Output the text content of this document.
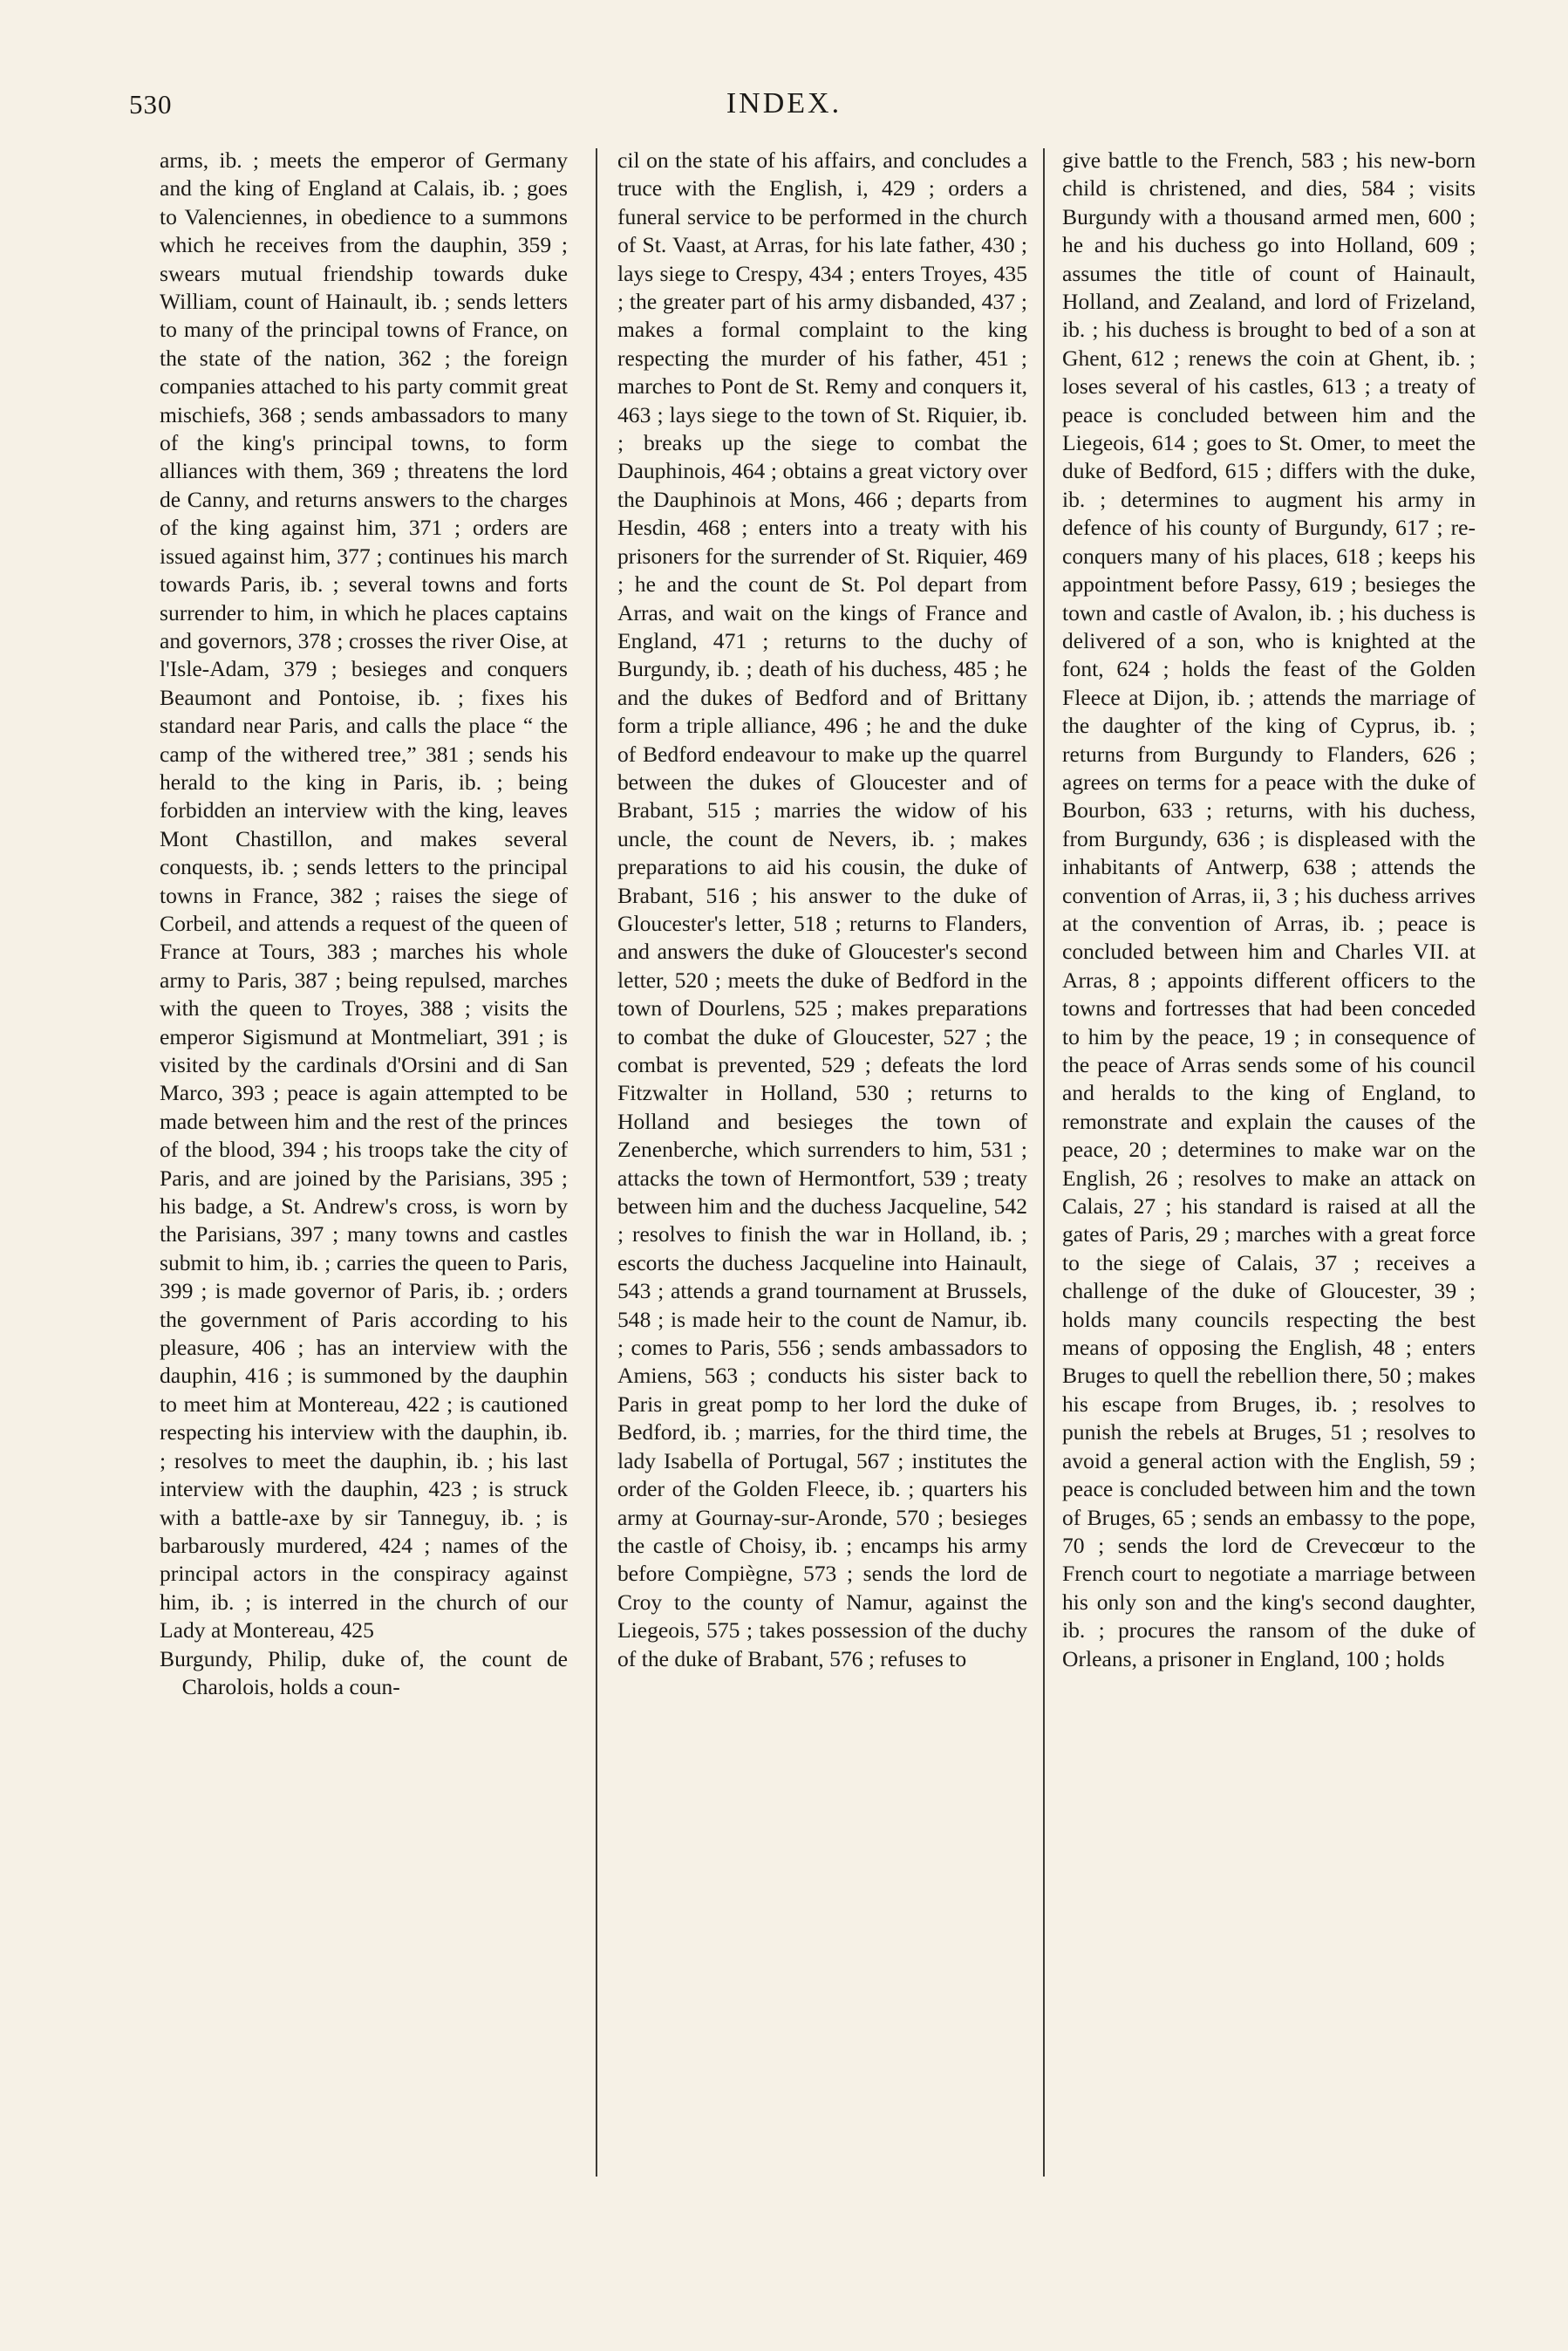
530	INDEX.

arms, ib. ; meets the emperor of Germany and the king of England at Calais, ib. ; goes to Valenciennes, in obedience to a summons which he receives from the dauphin, 359 ; swears mutual friendship towards duke William, count of Hainault, ib. ; sends letters to many of the principal towns of France, on the state of the nation, 362 ; the foreign companies attached to his party commit great mischiefs, 368 ; sends ambassadors to many of the king's principal towns, to form alliances with them, 369 ; threatens the lord de Canny, and returns answers to the charges of the king against him, 371 ; orders are issued against him, 377 ; continues his march towards Paris, ib. ; several towns and forts surrender to him, in which he places captains and governors, 378 ; crosses the river Oise, at l'Isle-Adam, 379 ; besieges and conquers Beaumont and Pontoise, ib. ; fixes his standard near Paris, and calls the place “ the camp of the withered tree,” 381 ; sends his herald to the king in Paris, ib. ; being forbidden an interview with the king, leaves Mont Chastillon, and makes several conquests, ib. ; sends letters to the principal towns in France, 382 ; raises the siege of Corbeil, and attends a request of the queen of France at Tours, 383 ; marches his whole army to Paris, 387 ; being repulsed, marches with the queen to Troyes, 388 ; visits the emperor Sigismund at Montmeliart, 391 ; is visited by the cardinals d'Orsini and di San Marco, 393 ; peace is again attempted to be made between him and the rest of the princes of the blood, 394 ; his troops take the city of Paris, and are joined by the Parisians, 395 ; his badge, a St. Andrew's cross, is worn by the Parisians, 397 ; many towns and castles submit to him, ib. ; carries the queen to Paris, 399 ; is made governor of Paris, ib. ; orders the government of Paris according to his pleasure, 406 ; has an interview with the dauphin, 416 ; is summoned by the dauphin to meet him at Montereau, 422 ; is cautioned respecting his interview with the dauphin, ib. ; resolves to meet the dauphin, ib. ; his last interview with the dauphin, 423 ; is struck with a battle-axe by sir Tanneguy, ib. ; is barbarously murdered, 424 ; names of the principal actors in the conspiracy against him, ib. ; is interred in the church of our Lady at Montereau, 425

Burgundy, Philip, duke of, the count de Charolois, holds a coun-

cil on the state of his affairs, and concludes a truce with the English, i, 429 ; orders a funeral service to be performed in the church of St. Vaast, at Arras, for his late father, 430 ; lays siege to Crespy, 434 ; enters Troyes, 435 ; the greater part of his army disbanded, 437 ; makes a formal complaint to the king respecting the murder of his father, 451 ; marches to Pont de St. Remy and conquers it, 463 ; lays siege to the town of St. Riquier, ib. ; breaks up the siege to combat the Dauphinois, 464 ; obtains a great victory over the Dauphinois at Mons, 466 ; departs from Hesdin, 468 ; enters into a treaty with his prisoners for the surrender of St. Riquier, 469 ; he and the count de St. Pol depart from Arras, and wait on the kings of France and England, 471 ; returns to the duchy of Burgundy, ib. ; death of his duchess, 485 ; he and the dukes of Bedford and of Brittany form a triple alliance, 496 ; he and the duke of Bedford endeavour to make up the quarrel between the dukes of Gloucester and of Brabant, 515 ; marries the widow of his uncle, the count de Nevers, ib. ; makes preparations to aid his cousin, the duke of Brabant, 516 ; his answer to the duke of Gloucester's letter, 518 ; returns to Flanders, and answers the duke of Gloucester's second letter, 520 ; meets the duke of Bedford in the town of Dourlens, 525 ; makes preparations to combat the duke of Gloucester, 527 ; the combat is prevented, 529 ; defeats the lord Fitzwalter in Holland, 530 ; returns to Holland and besieges the town of Zenenberche, which surrenders to him, 531 ; attacks the town of Hermontfort, 539 ; treaty between him and the duchess Jacqueline, 542 ; resolves to finish the war in Holland, ib. ; escorts the duchess Jacqueline into Hainault, 543 ; attends a grand tournament at Brussels, 548 ; is made heir to the count de Namur, ib. ; comes to Paris, 556 ; sends ambassadors to Amiens, 563 ; conducts his sister back to Paris in great pomp to her lord the duke of Bedford, ib. ; marries, for the third time, the lady Isabella of Portugal, 567 ; institutes the order of the Golden Fleece, ib. ; quarters his army at Gournay-sur-Aronde, 570 ; besieges the castle of Choisy, ib. ; encamps his army before Compiègne, 573 ; sends the lord de Croy to the county of Namur, against the Liegeois, 575 ; takes possession of the duchy of the duke of Brabant, 576 ; refuses to

give battle to the French, 583 ; his new-born child is christened, and dies, 584 ; visits Burgundy with a thousand armed men, 600 ; he and his duchess go into Holland, 609 ; assumes the title of count of Hainault, Holland, and Zealand, and lord of Frizeland, ib. ; his duchess is brought to bed of a son at Ghent, 612 ; renews the coin at Ghent, ib. ; loses several of his castles, 613 ; a treaty of peace is concluded between him and the Liegeois, 614 ; goes to St. Omer, to meet the duke of Bedford, 615 ; differs with the duke, ib. ; determines to augment his army in defence of his county of Burgundy, 617 ; re-conquers many of his places, 618 ; keeps his appointment before Passy, 619 ; besieges the town and castle of Avalon, ib. ; his duchess is delivered of a son, who is knighted at the font, 624 ; holds the feast of the Golden Fleece at Dijon, ib. ; attends the marriage of the daughter of the king of Cyprus, ib. ; returns from Burgundy to Flanders, 626 ; agrees on terms for a peace with the duke of Bourbon, 633 ; returns, with his duchess, from Burgundy, 636 ; is displeased with the inhabitants of Antwerp, 638 ; attends the convention of Arras, ii, 3 ; his duchess arrives at the convention of Arras, ib. ; peace is concluded between him and Charles VII. at Arras, 8 ; appoints different officers to the towns and fortresses that had been conceded to him by the peace, 19 ; in consequence of the peace of Arras sends some of his council and heralds to the king of England, to remonstrate and explain the causes of the peace, 20 ; determines to make war on the English, 26 ; resolves to make an attack on Calais, 27 ; his standard is raised at all the gates of Paris, 29 ; marches with a great force to the siege of Calais, 37 ; receives a challenge of the duke of Gloucester, 39 ; holds many councils respecting the best means of opposing the English, 48 ; enters Bruges to quell the rebellion there, 50 ; makes his escape from Bruges, ib. ; resolves to punish the rebels at Bruges, 51 ; resolves to avoid a general action with the English, 59 ; peace is concluded between him and the town of Bruges, 65 ; sends an embassy to the pope, 70 ; sends the lord de Crevecœur to the French court to negotiate a marriage between his only son and the king's second daughter, ib. ; procures the ransom of the duke of Orleans, a prisoner in England, 100 ; holds
